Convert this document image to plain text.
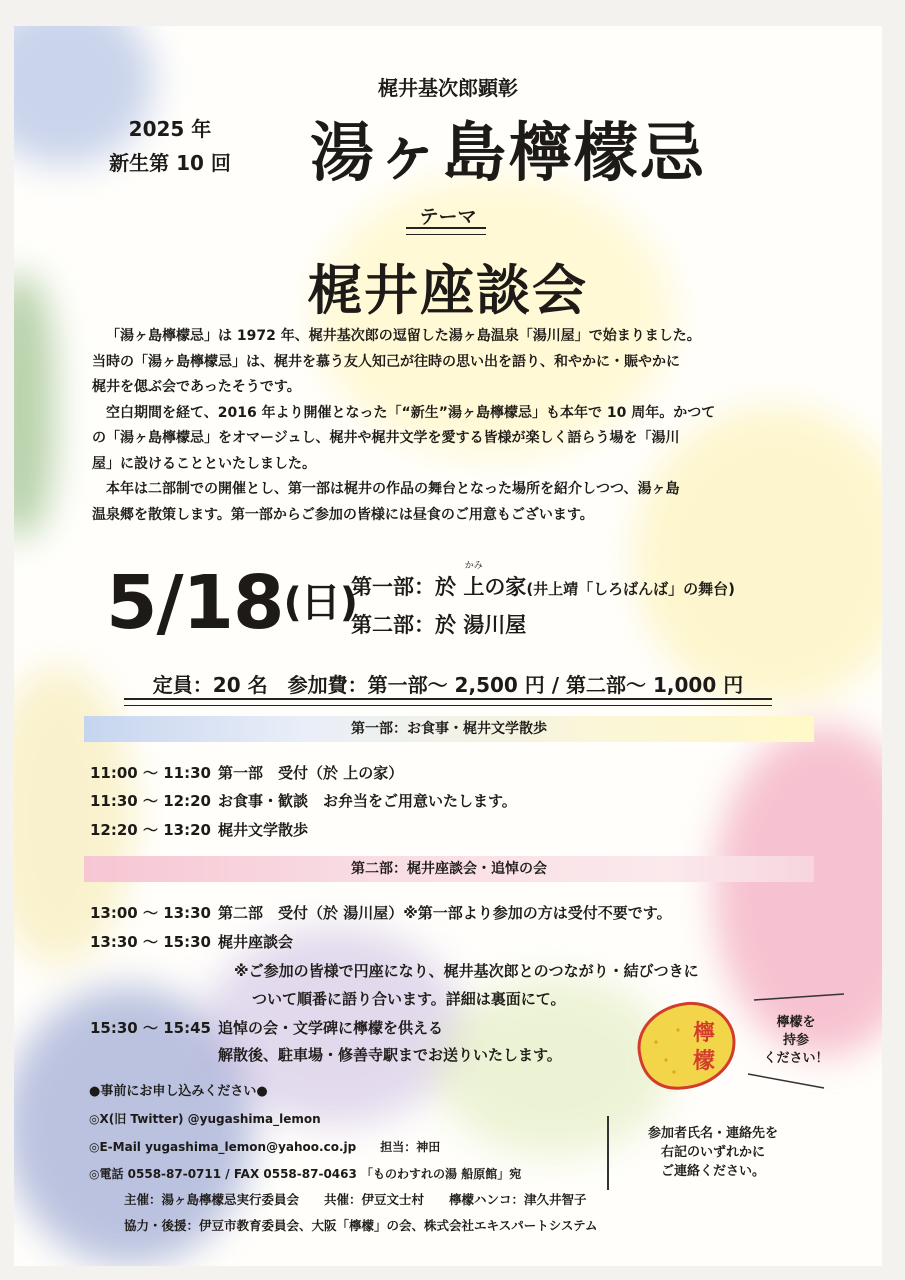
梶井基次郎顕彰
2025 年
新生第 10 回 湯ヶ島檸檬忌
テーマ
梶井座談会

「湯ヶ島檸檬忌」は 1972 年、梶井基次郎の逗留した湯ヶ島温泉「湯川屋」で始まりました。

当時の「湯ヶ島檸檬忌」は、梶井を慕う友人知己が往時の思い出を語り、和やかに・賑やかに

梶井を偲ぶ会であったそうです。

空白期間を経て、2016 年より開催となった「“新生”湯ヶ島檸檬忌」も本年で 10 周年。かつて

の「湯ヶ島檸檬忌」をオマージュし、梶井や梶井文学を愛する皆様が楽しく語らう場を「湯川

屋」に設けることといたしました。

本年は二部制での開催とし、第一部は梶井の作品の舞台となった場所を紹介しつつ、湯ヶ島

温泉郷を散策します。第一部からご参加の皆様には昼食のご用意もございます。

5/18(日)
第一部：於
かみ
上の家(井上靖「しろばんば」の舞台)
第二部：於 湯川屋
定員：20 名　参加費：第一部～ 2,500 円 / 第二部～ 1,000 円
第一部：お食事・梶井文学散歩
11:00 ～ 11:30 第一部　受付（於 上の家）
11:30 ～ 12:20 お食事・歓談　お弁当をご用意いたします。
12:20 ～ 13:20 梶井文学散歩
第二部：梶井座談会・追悼の会
13:00 ～ 13:30 第二部　受付（於 湯川屋）※第一部より参加の方は受付不要です。
13:30 ～ 15:30 梶井座談会
※ご参加の皆様で円座になり、梶井基次郎とのつながり・結びつきに
ついて順番に語り合います。詳細は裏面にて。
15:30 ～ 15:45 追悼の会・文学碑に檸檬を供える
解散後、駐車場・修善寺駅までお送りいたします。
檸
檬
檸檬を
持参
ください！
●事前にお申し込みください●
◎X(旧 Twitter) @yugashima_lemon
◎E-Mail yugashima_lemon@yahoo.co.jp　　担当：神田
◎電話 0558-87-0711 / FAX 0558-87-0463 「ものわすれの湯 船原館」宛
参加者氏名・連絡先を
右記のいずれかに
ご連絡ください。
主催：湯ヶ島檸檬忌実行委員会　　共催：伊豆文士村　　檸檬ハンコ：津久井智子
協力・後援：伊豆市教育委員会、大阪「檸檬」の会、株式会社エキスパートシステム
